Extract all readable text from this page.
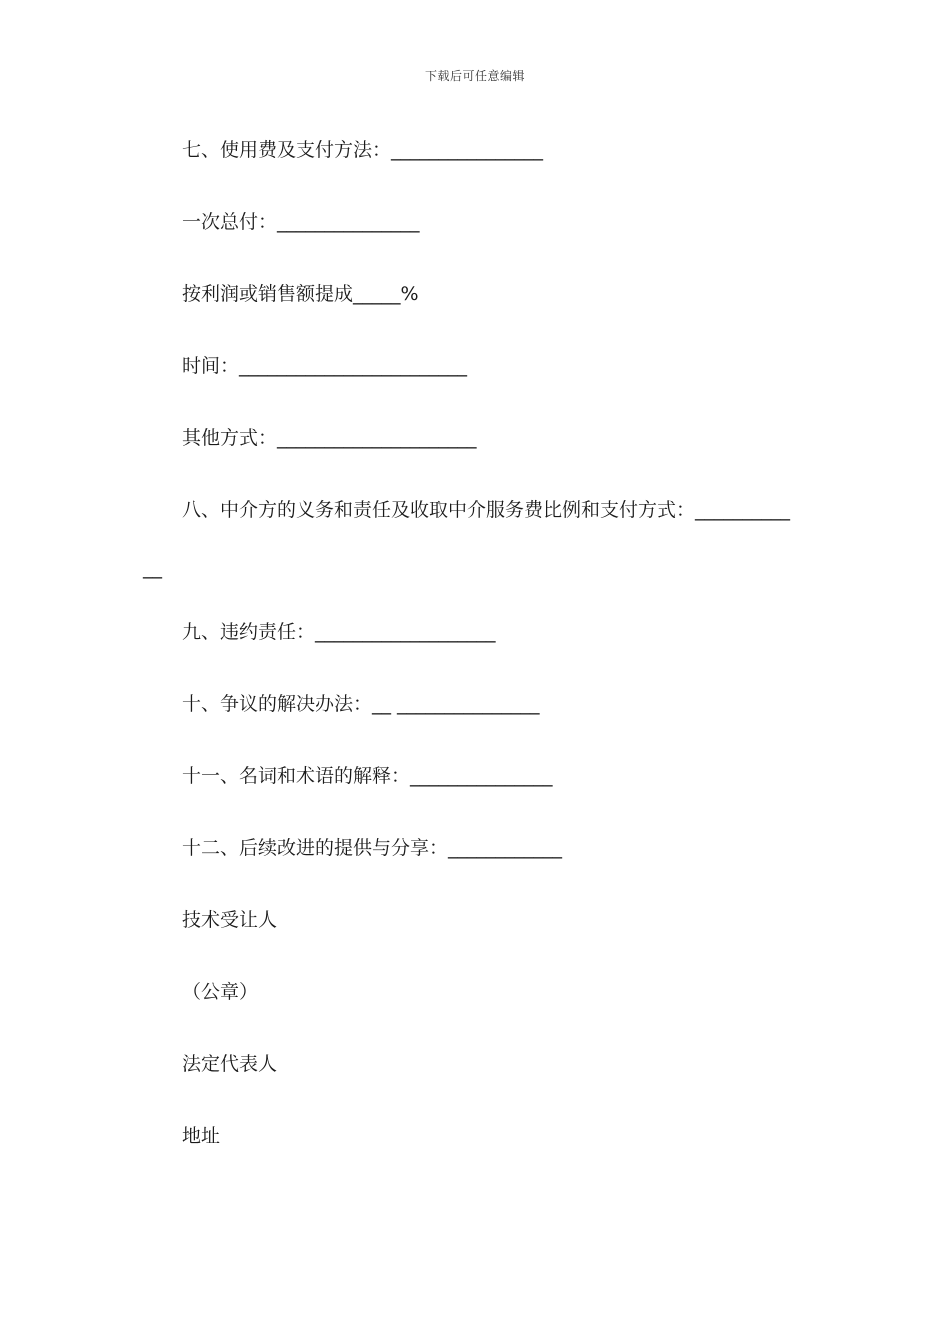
下载后可任意编辑
七、使用费及支付方法：________________
一次总付：_______________
按利润或销售额提成_____%
时间：________________________
其他方式：_____________________
八、中介方的义务和责任及收取中介服务费比例和支付方式：__________
__
九、违约责任：___________________
十、争议的解决办法：__ _______________
十一、名词和术语的解释：_______________
十二、后续改进的提供与分享：____________
技术受让人
（公章）
法定代表人
地址
